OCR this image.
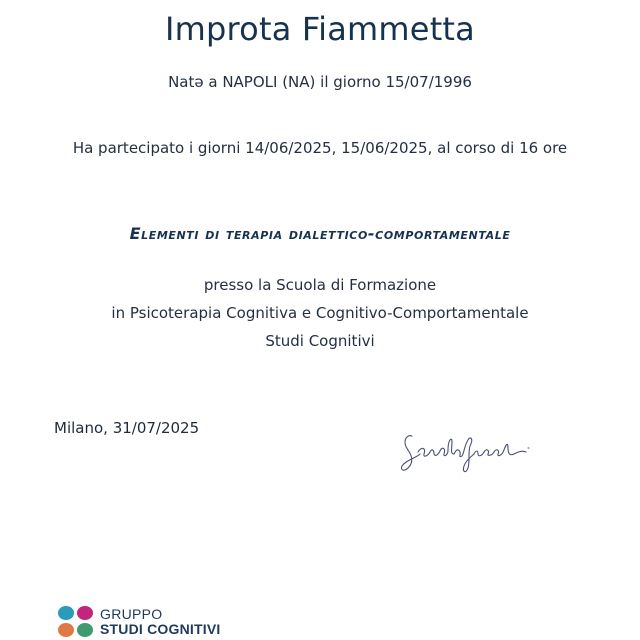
Improta Fiammetta
Natə a NAPOLI (NA) il giorno 15/07/1996
Ha partecipato i giorni 14/06/2025, 15/06/2025, al corso di 16 ore
Elementi di terapia dialettico-comportamentale
presso la Scuola di Formazione
in Psicoterapia Cognitiva e Cognitivo-Comportamentale
Studi Cognitivi
Milano, 31/07/2025
GRUPPO
STUDI COGNITIVI
